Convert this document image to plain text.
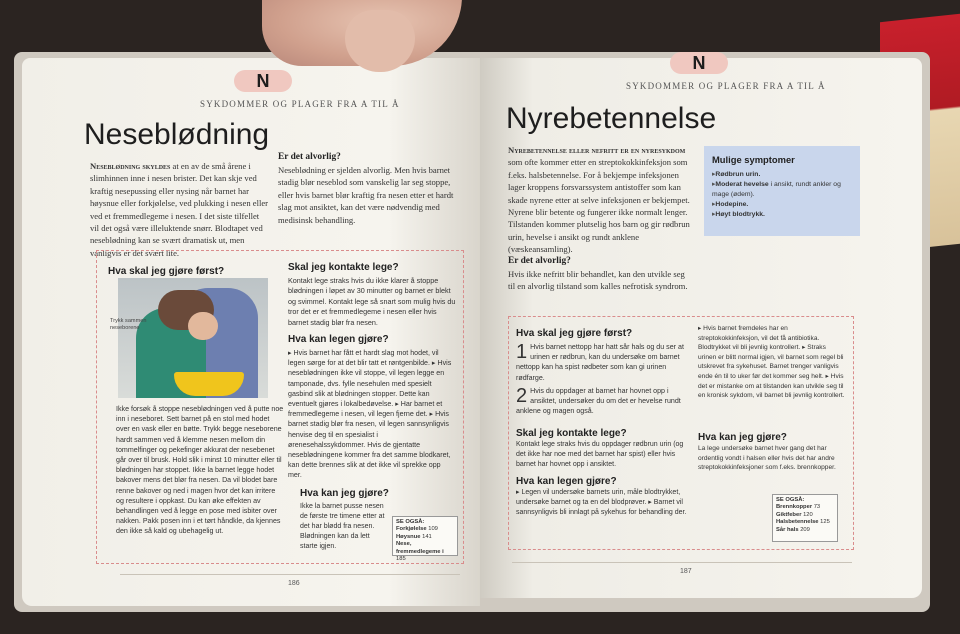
N
SYKDOMMER OG PLAGER FRA A TIL Å
Neseblødning

Neseblødning skyldes at en av de små årene i slimhinnen inne i nesen brister. Det kan skje ved kraftig nesepussing eller nysing når barnet har høysnue eller forkjølelse, ved plukking i nesen eller ved et fremmedlegeme i nesen. I det siste tilfellet vil det også være illeluktende snørr. Blodtapet ved neseblødning kan se svært dramatisk ut, men vanligvis er det svært lite.

Er det alvorlig?

Neseblødning er sjelden alvorlig. Men hvis barnet stadig blør neseblod som vanskelig lar seg stoppe, eller hvis barnet blør kraftig fra nesen etter et hardt slag mot ansiktet, kan det være nødvendig med medisinsk behandling.

Hva skal jeg gjøre først?

Trykk sammen neseborene

Ikke forsøk å stoppe neseblødningen ved å putte noe inn i neseboret. Sett barnet på en stol med hodet over en vask eller en bøtte. Trykk begge neseborene hardt sammen ved å klemme nesen mellom din tommelfinger og pekefinger akkurat der nesebenet går over til brusk. Hold slik i minst 10 minutter eller til blødningen har stoppet. Ikke la barnet legge hodet bakover mens det blør fra nesen. Da vil blodet bare renne bakover og ned i magen hvor det kan irritere og resultere i oppkast. Du kan øke effekten av behandlingen ved å legge en pose med isbiter over nakken. Pakk posen inn i et tørt håndkle, da kjennes den ikke så kald og ubehagelig ut.

Skal jeg kontakte lege?

Kontakt lege straks hvis du ikke klarer å stoppe blødningen i løpet av 30 minutter og barnet er blekt og svimmel. Kontakt lege så snart som mulig hvis du tror det er et fremmedlegeme i nesen eller hvis barnet stadig blør fra nesen.

Hva kan legen gjøre?

▸ Hvis barnet har fått et hardt slag mot hodet, vil legen sørge for at det blir tatt et røntgenbilde. ▸ Hvis neseblødningen ikke vil stoppe, vil legen legge en tamponade, dvs. fylle nesehulen med spesielt gasbind slik at blødningen stopper. Dette kan eventuelt gjøres i lokalbedøvelse. ▸ Har barnet et fremmedlegeme i nesen, vil legen fjerne det. ▸ Hvis barnet stadig blør fra nesen, vil legen sannsynligvis henvise deg til en spesialist i ørenesehalssykdommer. Hvis de gjentatte neseblødningene kommer fra det samme blodkaret, kan dette brennes slik at det ikke vil sprekke opp mer.

Hva kan jeg gjøre?

Ikke la barnet pusse nesen de første tre timene etter at det har blødd fra nesen. Blødningen kan da lett starte igjen.

SE OGSÅ:

Forkjølelse 109

Høysnue 141

Nese, fremmedlegeme i 185

186
N
SYKDOMMER OG PLAGER FRA A TIL Å
Nyrebetennelse

Nyrebetennelse eller nefritt er en nyresykdom som ofte kommer etter en streptokokkinfeksjon som f.eks. halsbetennelse. For å bekjempe infeksjonen lager kroppens forsvarssystem antistoffer som kan skade nyrene etter at selve infeksjonen er bekjempet. Nyrene blir betente og fungerer ikke normalt lenger. Tilstanden kommer plutselig hos barn og gir rødbrun urin, hevelse i ansikt og rundt anklene (væskeansamling).

Er det alvorlig?

Hvis ikke nefritt blir behandlet, kan den utvikle seg til en alvorlig tilstand som kalles nefrotisk syndrom.

Mulige symptomer

▸ Rødbrun urin.
▸ Moderat hevelse i ansikt, rundt ankler og mage (ødem).
▸ Hodepine.
▸ Høyt blodtrykk.

Hva skal jeg gjøre først?

1 Hvis barnet nettopp har hatt sår hals og du ser at urinen er rødbrun, kan du undersøke om barnet nettopp kan ha spist rødbeter som kan gi urinen rødfarge.
2 Hvis du oppdager at barnet har hovnet opp i ansiktet, undersøker du om det er hevelse rundt anklene og magen også.

Skal jeg kontakte lege?

Kontakt lege straks hvis du oppdager rødbrun urin (og det ikke har noe med det barnet har spist) eller hvis barnet har hovnet opp i ansiktet.

Hva kan legen gjøre?

▸ Legen vil undersøke barnets urin, måle blodtrykket, undersøke barnet og ta en del blodprøver. ▸ Barnet vil sannsynligvis bli innlagt på sykehus for behandling der.

▸ Hvis barnet fremdeles har en streptokokkinfeksjon, vil det få antibiotika. Blodtrykket vil bli jevnlig kontrollert. ▸ Straks urinen er blitt normal igjen, vil barnet som regel bli utskrevet fra sykehuset. Barnet trenger vanligvis ende én til to uker før det kommer seg helt. ▸ Hvis det er mistanke om at tilstanden kan utvikle seg til en kronisk sykdom, vil barnet bli jevnlig kontrollert.

Hva kan jeg gjøre?

La lege undersøke barnet hver gang det har ordentlig vondt i halsen eller hvis det har andre streptokokkinfeksjoner som f.eks. brennkopper.

SE OGSÅ:

Brennkopper 73

Giktfeber 120

Halsbetennelse 125

Sår hals 209

187
